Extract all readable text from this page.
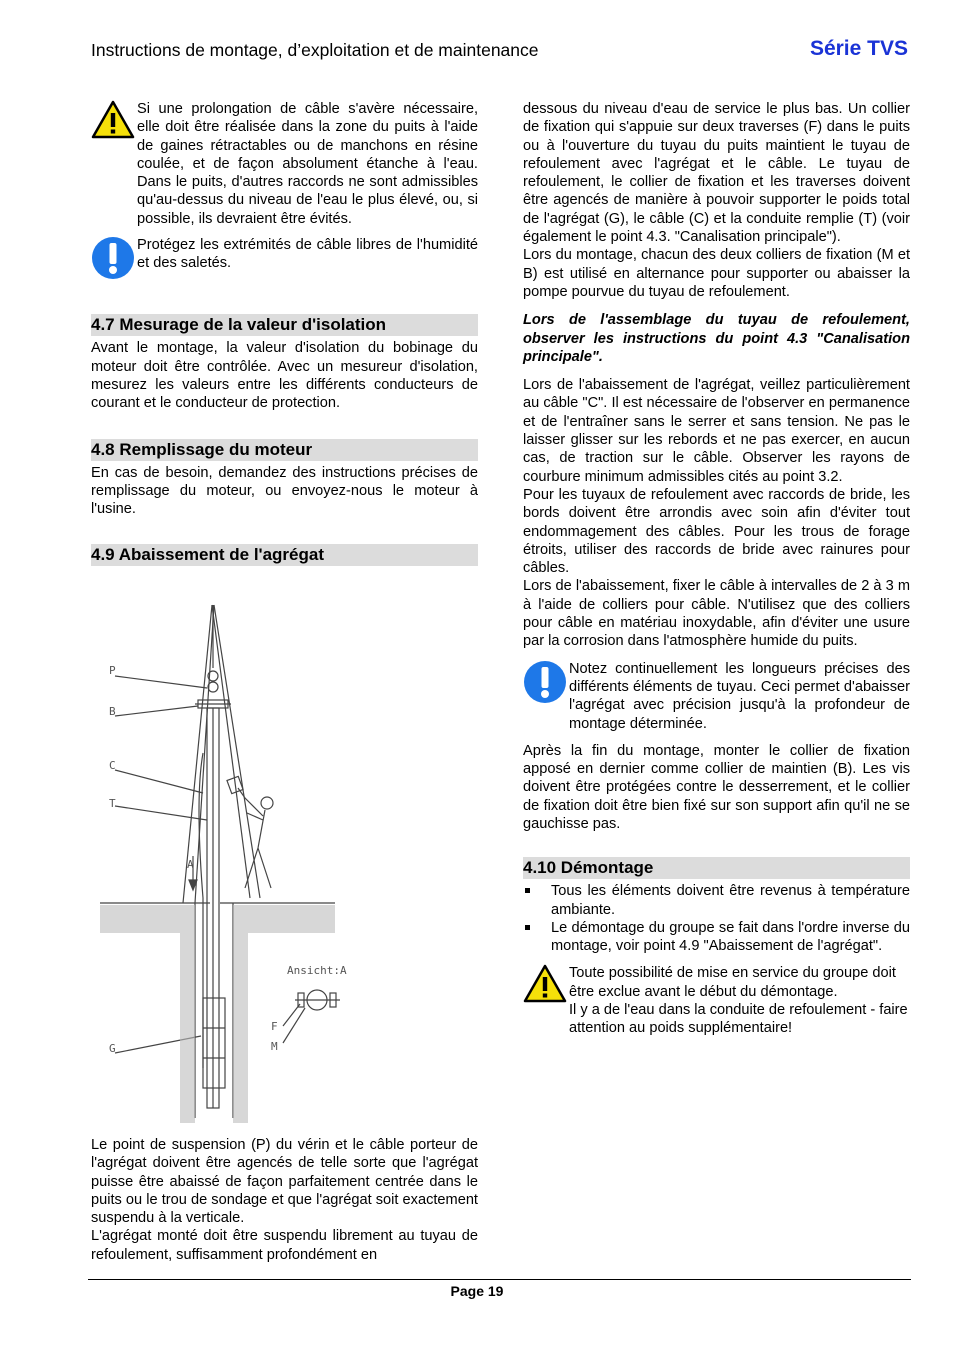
Instructions de montage, d’exploitation et de maintenance	Série TVS

Si une prolongation de câble s'avère nécessaire, elle doit être réalisée dans la zone du puits à l'aide de gaines rétractables ou de manchons en résine coulée, et de façon absolument étanche à l'eau. Dans le puits, d'autres raccords ne sont admissibles qu'au-dessus du niveau de l'eau le plus élevé, ou, si possible, ils devraient être évités.

Protégez les extrémités de câble libres de l'humidité et des saletés.

4.7 Mesurage de la valeur d'isolation

Avant le montage, la valeur d'isolation du bobinage du moteur doit être contrôlée. Avec un mesureur d'isolation, mesurez les valeurs entre les différents conducteurs de courant et le conducteur de protection.

4.8 Remplissage du moteur

En cas de besoin, demandez des instructions précises de remplissage du moteur, ou envoyez-nous le moteur à l'usine.

4.9 Abaissement de l'agrégat
P
B
C
T
A
G
F
M
Ansicht:A

Le point de suspension (P) du vérin et le câble porteur de l'agrégat doivent être agencés de telle sorte que l'agrégat puisse être abaissé de façon parfaitement centrée dans le puits ou le trou de sondage et que l'agrégat soit exactement suspendu à la verticale.

L'agrégat monté doit être suspendu librement au tuyau de refoulement, suffisamment profondément en

dessous du niveau d'eau de service le plus bas. Un collier de fixation qui s'appuie sur deux traverses (F) dans le puits ou à l'ouverture du tuyau du puits maintient le tuyau de refoulement avec l'agrégat et le câble. Le tuyau de refoulement, le collier de fixation et les traverses doivent être agencés de manière à pouvoir supporter le poids total de l'agrégat (G), le câble (C) et la conduite remplie (T) (voir également le point 4.3. "Canalisation principale").

Lors du montage, chacun des deux colliers de fixation (M et B) est utilisé en alternance pour supporter ou abaisser la pompe pourvue du tuyau de refoulement.

Lors de l'assemblage du tuyau de refoulement, observer les instructions du point 4.3 "Canalisation principale".

Lors de l'abaissement de l'agrégat, veillez particulièrement au câble "C". Il est nécessaire de l'observer en permanence et de l'entraîner sans le serrer et sans tension. Ne pas le laisser glisser sur les rebords et ne pas exercer, en aucun cas, de traction sur le câble. Observer les rayons de courbure minimum admissibles cités au point 3.2.

Pour les tuyaux de refoulement avec raccords de bride, les bords doivent être arrondis avec soin afin d'éviter tout endommagement des câbles. Pour les trous de forage étroits, utiliser des raccords de bride avec rainures pour câbles.

Lors de l'abaissement, fixer le câble à intervalles de 2 à 3 m à l'aide de colliers pour câble. N'utilisez que des colliers pour câble en matériau inoxydable, afin d'éviter une usure par la corrosion dans l'atmosphère humide du puits.

Notez continuellement les longueurs précises des différents éléments de tuyau. Ceci permet d'abaisser l'agrégat avec précision jusqu'à la profondeur de montage déterminée.

Après la fin du montage, monter le collier de fixation apposé en dernier comme collier de maintien (B). Les vis doivent être protégées contre le desserrement, et le collier de fixation doit être bien fixé sur son support afin qu'il ne se gauchisse pas.

4.10 Démontage
Tous les éléments doivent être revenus à température ambiante.
Le démontage du groupe se fait dans l'ordre inverse du montage, voir point 4.9 "Abaissement de l'agrégat".

Toute possibilité de mise en service du groupe doit être exclue avant le début du démontage.

Il y a de l'eau dans la conduite de refoulement - faire attention au poids supplémentaire!

Page 19
